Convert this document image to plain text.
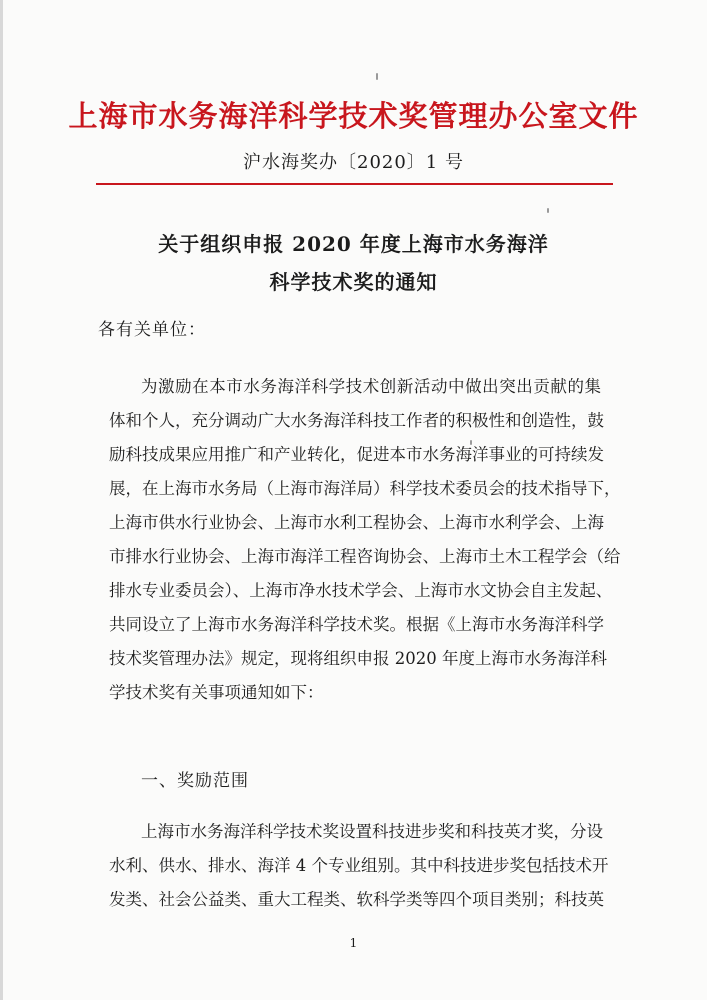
上海市水务海洋科学技术奖管理办公室文件
沪水海奖办〔2020〕1 号
关于组织申报 2020 年度上海市水务海洋
科学技术奖的通知
各有关单位：
为激励在本市水务海洋科学技术创新活动中做出突出贡献的集
体和个人，充分调动广大水务海洋科技工作者的积极性和创造性，鼓
励科技成果应用推广和产业转化，促进本市水务海洋事业的可持续发
展，在上海市水务局（上海市海洋局）科学技术委员会的技术指导下，
上海市供水行业协会、上海市水利工程协会、上海市水利学会、上海
市排水行业协会、上海市海洋工程咨询协会、上海市土木工程学会（给
排水专业委员会）、上海市净水技术学会、上海市水文协会自主发起、
共同设立了上海市水务海洋科学技术奖。根据《上海市水务海洋科学
技术奖管理办法》规定，现将组织申报 2020 年度上海市水务海洋科
学技术奖有关事项通知如下：
一、奖励范围
上海市水务海洋科学技术奖设置科技进步奖和科技英才奖，分设
水利、供水、排水、海洋 4 个专业组别。其中科技进步奖包括技术开
发类、社会公益类、重大工程类、软科学类等四个项目类别；科技英
1
